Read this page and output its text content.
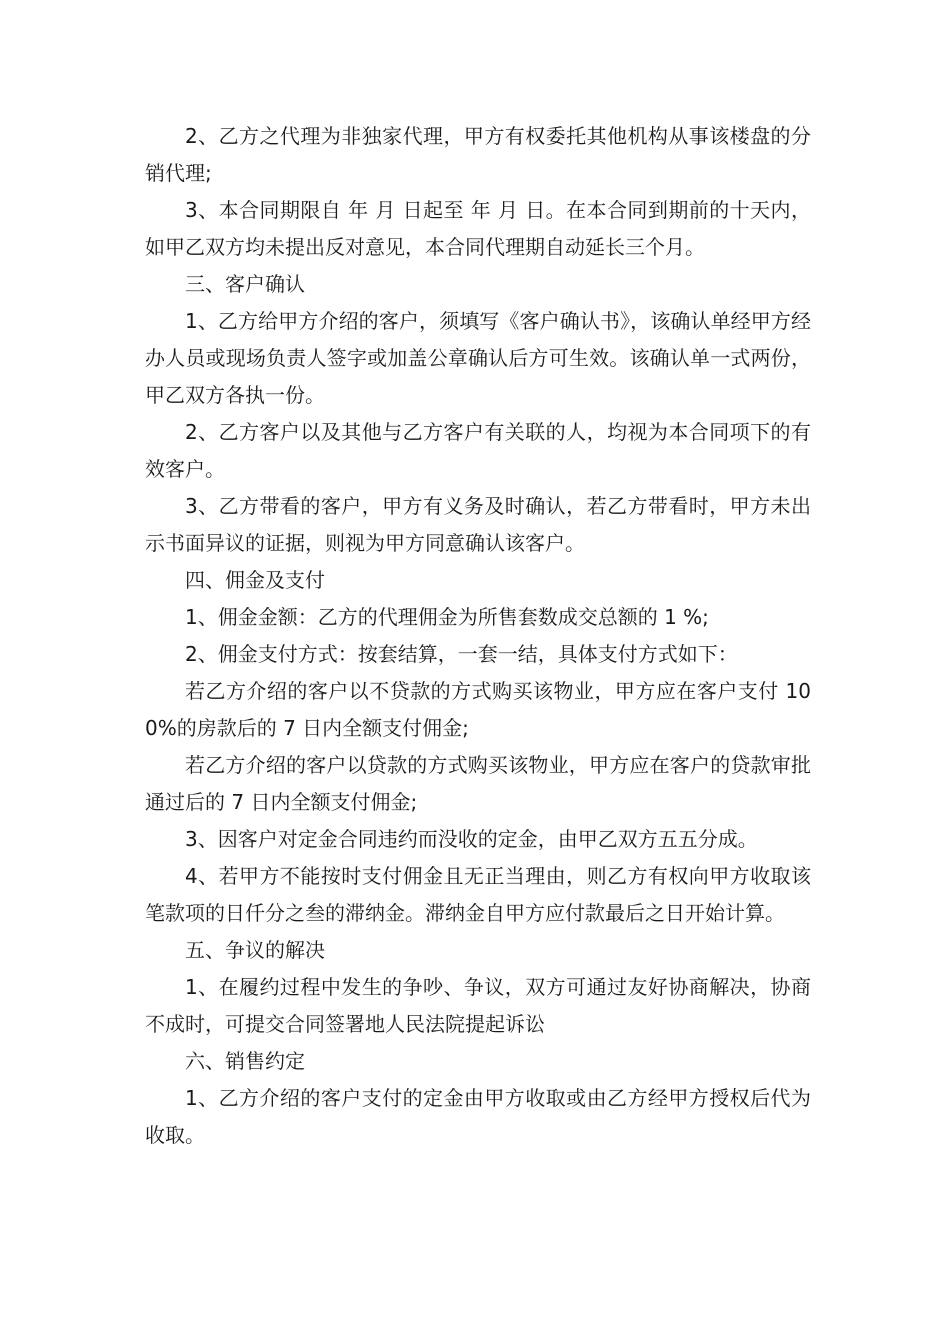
2、乙方之代理为非独家代理，甲方有权委托其他机构从事该楼盘的分销代理;

3、本合同期限自 年 月 日起至 年 月 日。在本合同到期前的十天内，如甲乙双方均未提出反对意见，本合同代理期自动延长三个月。

三、客户确认

1、乙方给甲方介绍的客户，须填写《客户确认书》，该确认单经甲方经办人员或现场负责人签字或加盖公章确认后方可生效。该确认单一式两份，甲乙双方各执一份。

2、乙方客户以及其他与乙方客户有关联的人，均视为本合同项下的有效客户。

3、乙方带看的客户，甲方有义务及时确认，若乙方带看时，甲方未出示书面异议的证据，则视为甲方同意确认该客户。

四、佣金及支付

1、佣金金额：乙方的代理佣金为所售套数成交总额的 1 %;

2、佣金支付方式：按套结算，一套一结，具体支付方式如下：

若乙方介绍的客户以不贷款的方式购买该物业，甲方应在客户支付 100%的房款后的 7 日内全额支付佣金;

若乙方介绍的客户以贷款的方式购买该物业，甲方应在客户的贷款审批通过后的 7 日内全额支付佣金;

3、因客户对定金合同违约而没收的定金，由甲乙双方五五分成。

4、若甲方不能按时支付佣金且无正当理由，则乙方有权向甲方收取该笔款项的日仟分之叁的滞纳金。滞纳金自甲方应付款最后之日开始计算。

五、争议的解决

1、在履约过程中发生的争吵、争议，双方可通过友好协商解决，协商不成时，可提交合同签署地人民法院提起诉讼

六、销售约定

1、乙方介绍的客户支付的定金由甲方收取或由乙方经甲方授权后代为收取。
